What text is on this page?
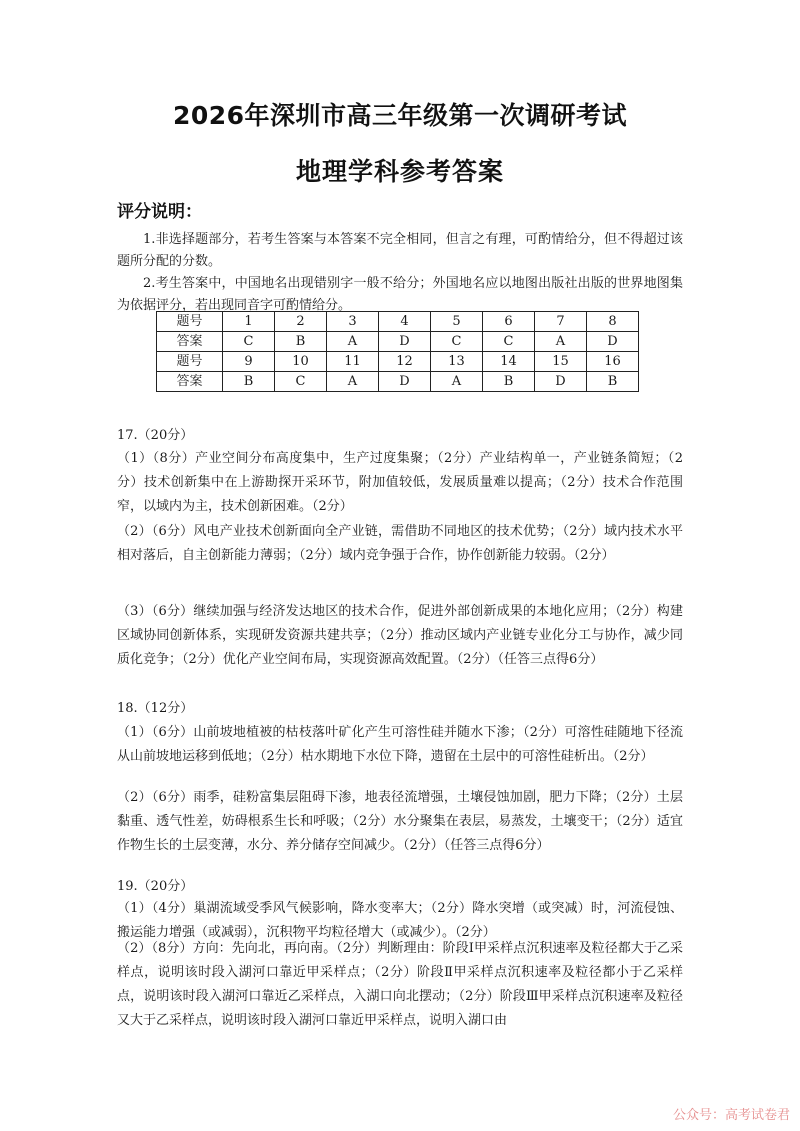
2026年深圳市高三年级第一次调研考试
地理学科参考答案
评分说明：
1.非选择题部分，若考生答案与本答案不完全相同，但言之有理，可酌情给分，但不得超过该题所分配的分数。
2.考生答案中，中国地名出现错别字一般不给分；外国地名应以地图出版社出版的世界地图集为依据评分，若出现同音字可酌情给分。
题号	1	2	3	4	5	6	7	8
答案	C	B	A	D	C	C	A	D
题号	9	10	11	12	13	14	15	16
答案	B	C	A	D	A	B	D	B
17.（20分）
（1）（8分）产业空间分布高度集中，生产过度集聚；（2分）产业结构单一，产业链条简短；（2分）技术创新集中在上游勘探开采环节，附加值较低，发展质量难以提高；（2分）技术合作范围窄，以域内为主，技术创新困难。（2分）
（2）（6分）风电产业技术创新面向全产业链，需借助不同地区的技术优势；（2分）域内技术水平相对落后，自主创新能力薄弱；（2分）域内竞争强于合作，协作创新能力较弱。（2分）
（3）（6分）继续加强与经济发达地区的技术合作，促进外部创新成果的本地化应用；（2分）构建区域协同创新体系，实现研发资源共建共享；（2分）推动区域内产业链专业化分工与协作，减少同质化竞争；（2分）优化产业空间布局，实现资源高效配置。（2分）（任答三点得6分）
18.（12分）
（1）（6分）山前坡地植被的枯枝落叶矿化产生可溶性硅并随水下渗；（2分）可溶性硅随地下径流从山前坡地运移到低地；（2分）枯水期地下水位下降，遗留在土层中的可溶性硅析出。（2分）
（2）（6分）雨季，硅粉富集层阻碍下渗，地表径流增强，土壤侵蚀加剧，肥力下降；（2分）土层黏重、透气性差，妨碍根系生长和呼吸；（2分）水分聚集在表层，易蒸发，土壤变干；（2分）适宜作物生长的土层变薄，水分、养分储存空间减少。（2分）（任答三点得6分）
19.（20分）
（1）（4分）巢湖流域受季风气候影响，降水变率大；（2分）降水突增（或突减）时，河流侵蚀、搬运能力增强（或减弱），沉积物平均粒径增大（或减少）。（2分）
（2）（8分）方向：先向北，再向南。（2分）判断理由：阶段Ⅰ甲采样点沉积速率及粒径都大于乙采样点，说明该时段入湖河口靠近甲采样点；（2分）阶段Ⅱ甲采样点沉积速率及粒径都小于乙采样点，说明该时段入湖河口靠近乙采样点，入湖口向北摆动；（2分）阶段Ⅲ甲采样点沉积速率及粒径又大于乙采样点，说明该时段入湖河口靠近甲采样点，说明入湖口由
公众号：高考试卷君
